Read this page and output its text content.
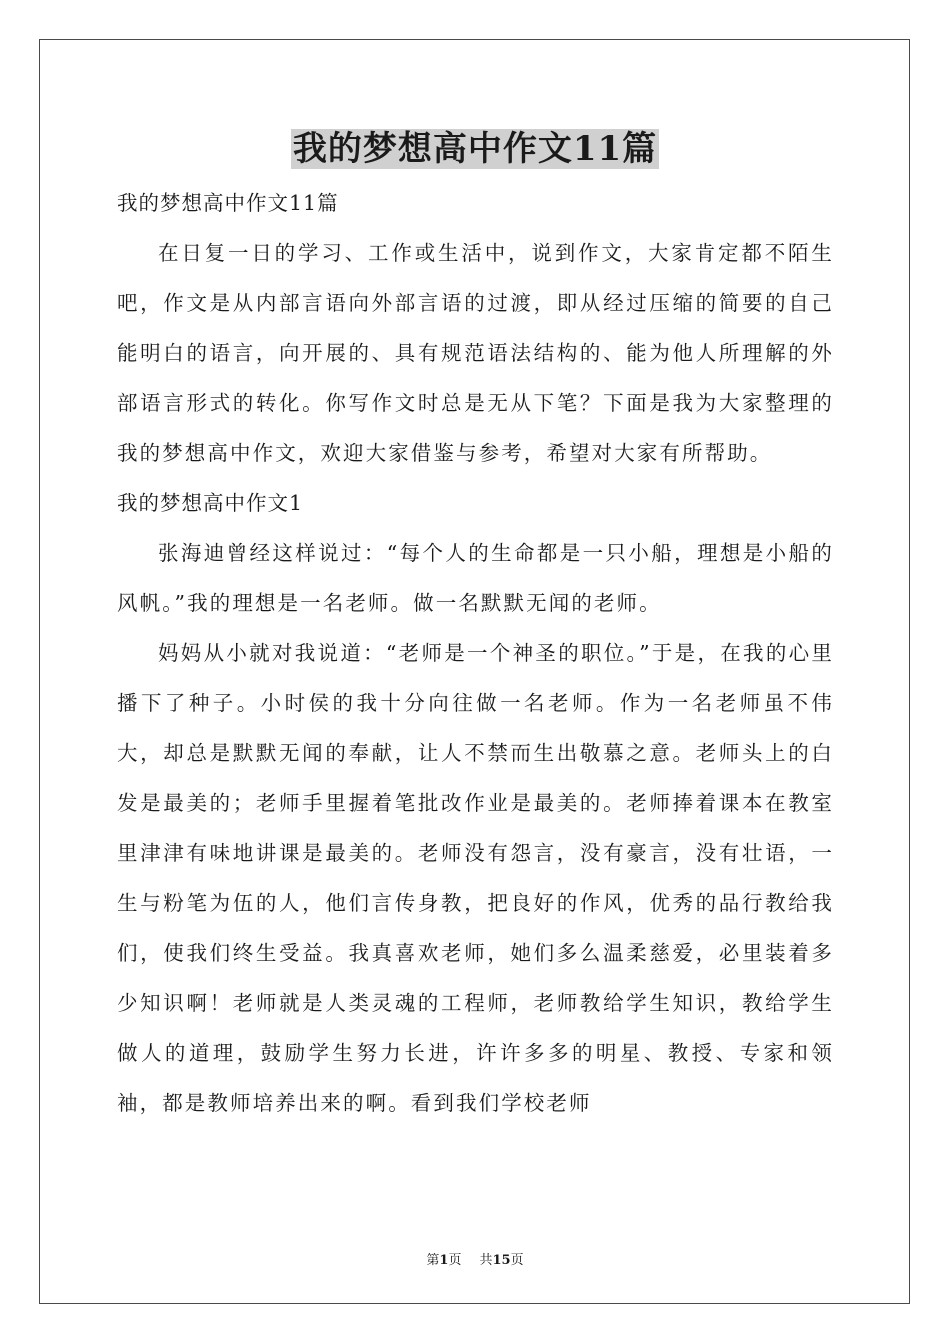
我的梦想高中作文11篇

我的梦想高中作文11篇

在日复一日的学习、工作或生活中，说到作文，大家肯定都不陌生吧，作文是从内部言语向外部言语的过渡，即从经过压缩的简要的自己能明白的语言，向开展的、具有规范语法结构的、能为他人所理解的外部语言形式的转化。你写作文时总是无从下笔？下面是我为大家整理的我的梦想高中作文，欢迎大家借鉴与参考，希望对大家有所帮助。

我的梦想高中作文1

张海迪曾经这样说过：“每个人的生命都是一只小船，理想是小船的风帆。”我的理想是一名老师。做一名默默无闻的老师。

妈妈从小就对我说道：“老师是一个神圣的职位。”于是，在我的心里播下了种子。小时侯的我十分向往做一名老师。作为一名老师虽不伟大，却总是默默无闻的奉献，让人不禁而生出敬慕之意。老师头上的白发是最美的；老师手里握着笔批改作业是最美的。老师捧着课本在教室里津津有味地讲课是最美的。老师没有怨言，没有豪言，没有壮语，一生与粉笔为伍的人，他们言传身教，把良好的作风，优秀的品行教给我们，使我们终生受益。我真喜欢老师，她们多么温柔慈爱，必里装着多少知识啊！老师就是人类灵魂的工程师，老师教给学生知识，教给学生做人的道理，鼓励学生努力长进，许许多多的明星、教授、专家和领袖，都是教师培养出来的啊。看到我们学校老师

第1页 共15页
